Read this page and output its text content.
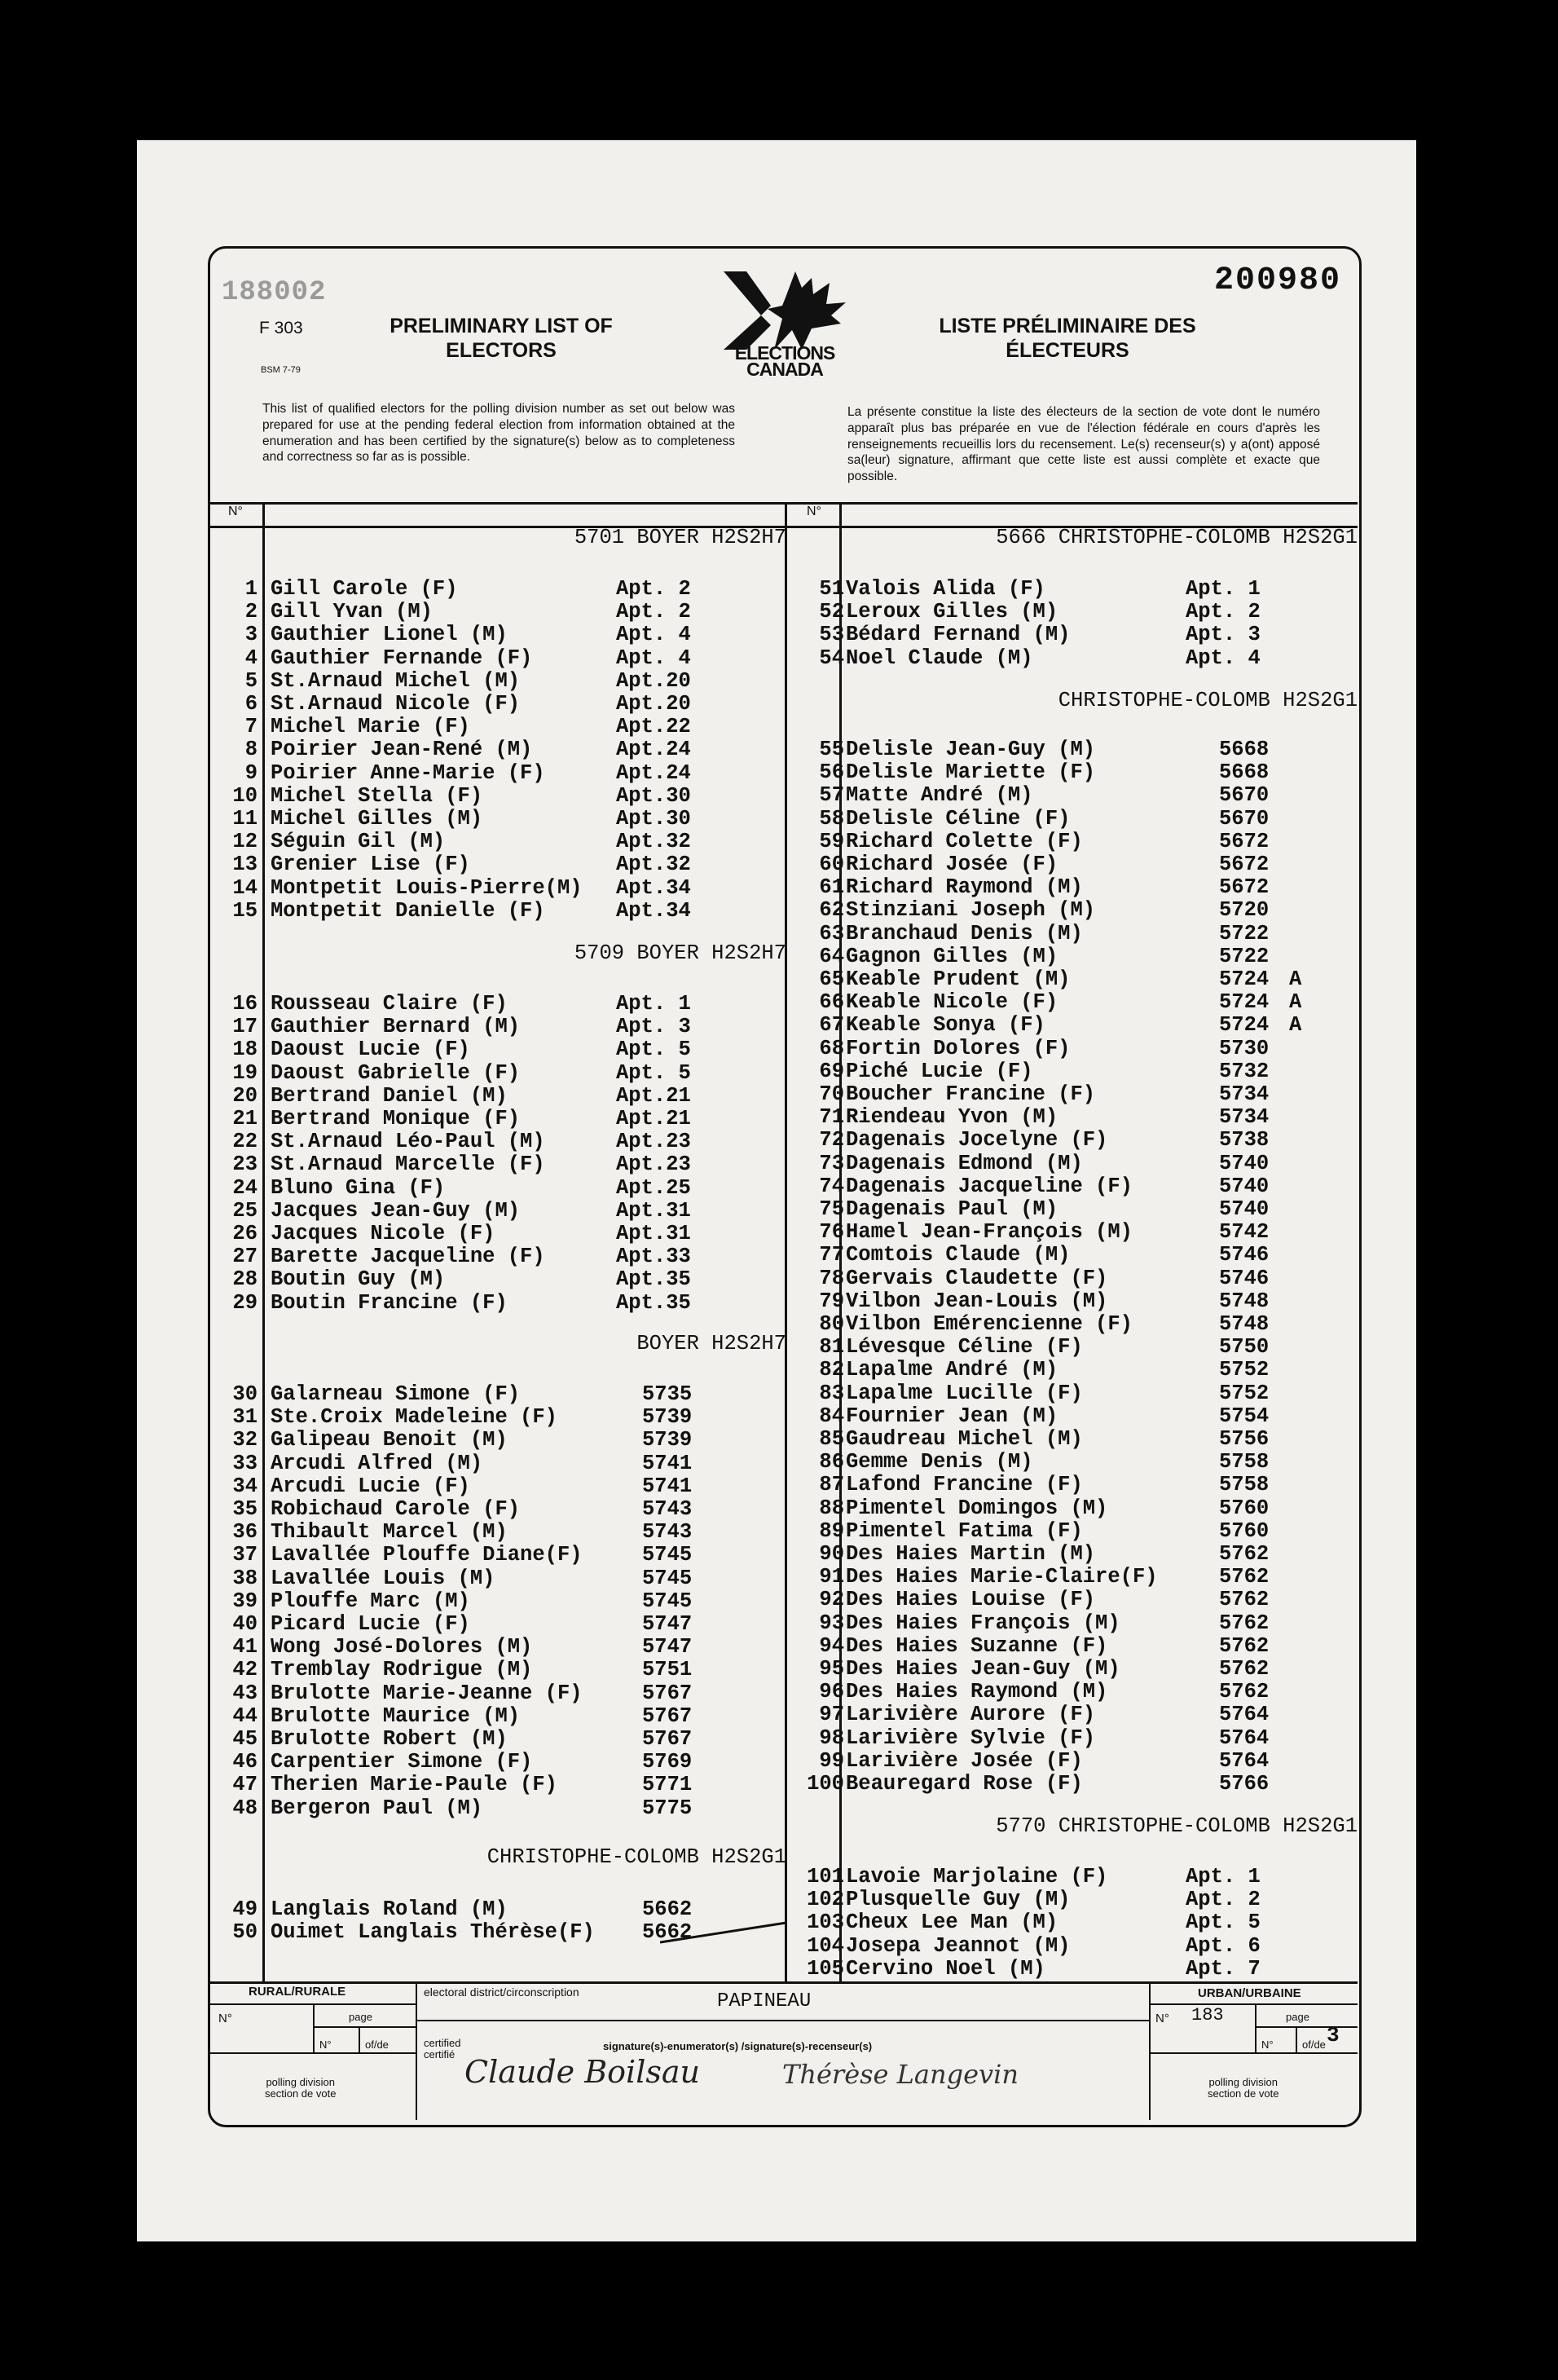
188002	200980
F 303
BSM 7-79
PRELIMINARY LIST OF
ELECTORS
LISTE PRÉLIMINAIRE DES
ÉLECTEURS
ELECTIONS
CANADA
This list of qualified electors for the polling division number as set out below was prepared for use at the pending federal election from information obtained at the enumeration and has been certified by the signature(s) below as to completeness and correctness so far as is possible.
La présente constitue la liste des électeurs de la section de vote dont le numéro apparaît plus bas préparée en vue de l'élection fédérale en cours d'après les renseignements recueillis lors du recensement. Le(s) recenseur(s) y a(ont) apposé sa(leur) signature, affirmant que cette liste est aussi complète et exacte que possible.
N°	N°
5701 BOYER H2S2H7
1 Gill Carole (F)	Apt. 2
2 Gill Yvan (M)	Apt. 2
3 Gauthier Lionel (M)	Apt. 4
4 Gauthier Fernande (F)	Apt. 4
5 St.Arnaud Michel (M)	Apt.20
6 St.Arnaud Nicole (F)	Apt.20
7 Michel Marie (F)	Apt.22
8 Poirier Jean-René (M)	Apt.24
9 Poirier Anne-Marie (F)	Apt.24
10 Michel Stella (F)	Apt.30
11 Michel Gilles (M)	Apt.30
12 Séguin Gil (M)	Apt.32
13 Grenier Lise (F)	Apt.32
14 Montpetit Louis-Pierre(M) Apt.34
15 Montpetit Danielle (F)	Apt.34
5709 BOYER H2S2H7
16 Rousseau Claire (F)	Apt. 1
17 Gauthier Bernard (M)	Apt. 3
18 Daoust Lucie (F)	Apt. 5
19 Daoust Gabrielle (F)	Apt. 5
20 Bertrand Daniel (M)	Apt.21
21 Bertrand Monique (F)	Apt.21
22 St.Arnaud Léo-Paul (M)	Apt.23
23 St.Arnaud Marcelle (F)	Apt.23
24 Bluno Gina (F)	Apt.25
25 Jacques Jean-Guy (M)	Apt.31
26 Jacques Nicole (F)	Apt.31
27 Barette Jacqueline (F)	Apt.33
28 Boutin Guy (M)	Apt.35
29 Boutin Francine (F)	Apt.35
BOYER H2S2H7
30 Galarneau Simone (F)	5735
31 Ste.Croix Madeleine (F)	5739
32 Galipeau Benoit (M)	5739
33 Arcudi Alfred (M)	5741
34 Arcudi Lucie (F)	5741
35 Robichaud Carole (F)	5743
36 Thibault Marcel (M)	5743
37 Lavallée Plouffe Diane(F)	5745
38 Lavallée Louis (M)	5745
39 Plouffe Marc (M)	5745
40 Picard Lucie (F)	5747
41 Wong José-Dolores (M)	5747
42 Tremblay Rodrigue (M)	5751
43 Brulotte Marie-Jeanne (F)	5767
44 Brulotte Maurice (M)	5767
45 Brulotte Robert (M)	5767
46 Carpentier Simone (F)	5769
47 Therien Marie-Paule (F)	5771
48 Bergeron Paul (M)	5775
CHRISTOPHE-COLOMB H2S2G1
49 Langlais Roland (M)	5662
50 Ouimet Langlais Thérèse(F) 5662
5666 CHRISTOPHE-COLOMB H2S2G1
51 Valois Alida (F)	Apt. 1
52 Leroux Gilles (M)	Apt. 2
53 Bédard Fernand (M)	Apt. 3
54 Noel Claude (M)	Apt. 4
CHRISTOPHE-COLOMB H2S2G1
55 Delisle Jean-Guy (M)	5668
56 Delisle Mariette (F)	5668
57 Matte André (M)	5670
58 Delisle Céline (F)	5670
59 Richard Colette (F)	5672
60 Richard Josée (F)	5672
61 Richard Raymond (M)	5672
62 Stinziani Joseph (M)	5720
63 Branchaud Denis (M)	5722
64 Gagnon Gilles (M)	5722
65 Keable Prudent (M)	5724 A
66 Keable Nicole (F)	5724 A
67 Keable Sonya (F)	5724 A
68 Fortin Dolores (F)	5730
69 Piché Lucie (F)	5732
70 Boucher Francine (F)	5734
71 Riendeau Yvon (M)	5734
72 Dagenais Jocelyne (F)	5738
73 Dagenais Edmond (M)	5740
74 Dagenais Jacqueline (F)	5740
75 Dagenais Paul (M)	5740
76 Hamel Jean-François (M)	5742
77 Comtois Claude (M)	5746
78 Gervais Claudette (F)	5746
79 Vilbon Jean-Louis (M)	5748
80 Vilbon Emérencienne (F)	5748
81 Lévesque Céline (F)	5750
82 Lapalme André (M)	5752
83 Lapalme Lucille (F)	5752
84 Fournier Jean (M)	5754
85 Gaudreau Michel (M)	5756
86 Gemme Denis (M)	5758
87 Lafond Francine (F)	5758
88 Pimentel Domingos (M)	5760
89 Pimentel Fatima (F)	5760
90 Des Haies Martin (M)	5762
91 Des Haies Marie-Claire(F)	5762
92 Des Haies Louise (F)	5762
93 Des Haies François (M)	5762
94 Des Haies Suzanne (F)	5762
95 Des Haies Jean-Guy (M)	5762
96 Des Haies Raymond (M)	5762
97 Larivière Aurore (F)	5764
98 Larivière Sylvie (F)	5764
99 Larivière Josée (F)	5764
100 Beauregard Rose (F)	5766
5770 CHRISTOPHE-COLOMB H2S2G1
101 Lavoie Marjolaine (F)	Apt. 1
102 Plusquelle Guy (M)	Apt. 2
103 Cheux Lee Man (M)	Apt. 5
104 Josepa Jeannot (M)	Apt. 6
105 Cervino Noel (M)	Apt. 7
RURAL/RURALE	electoral district/circonscription	PAPINEAU	URBAN/URBAINE
N°	page
N°	of/de
polling division
section de vote
certified
certifié
signature(s)-enumerator(s) /signature(s)-recenseur(s)
Claude Boilsau	Thérèse Langevin
N° 183	page
N°	of/de 3
polling division
section de vote
